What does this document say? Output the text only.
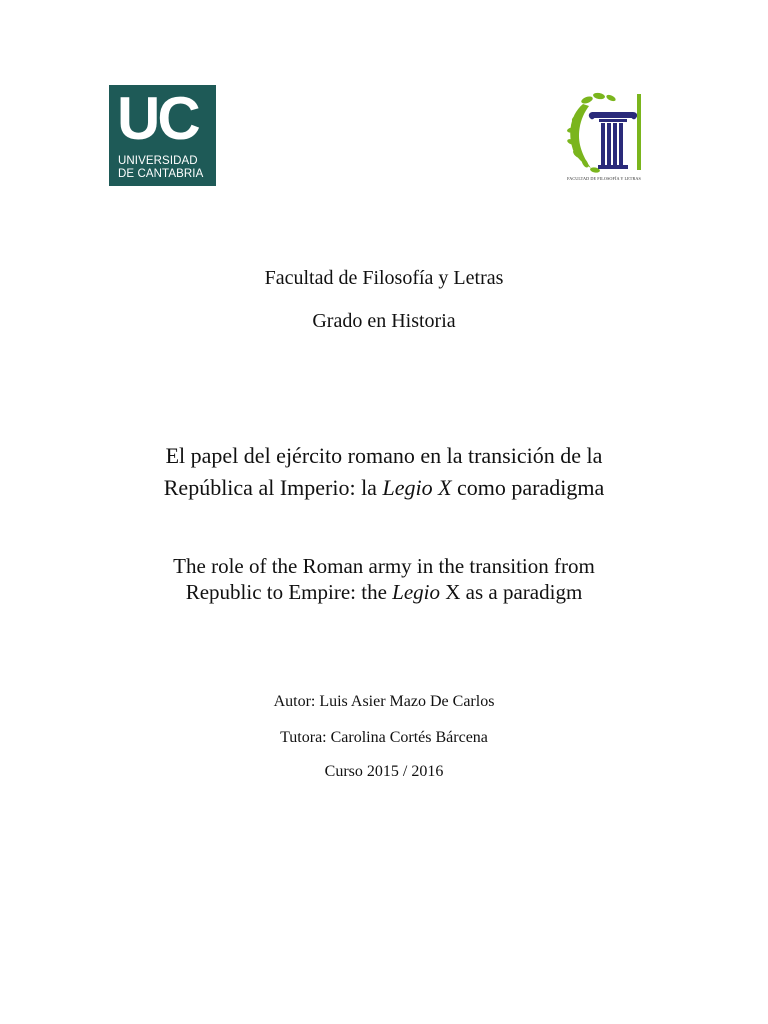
UC
UNIVERSIDAD
DE CANTABRIA	FACULTAD DE FILOSOFÍA Y LETRAS
Facultad de Filosofía y Letras
Grado en Historia
El papel del ejército romano en la transición de la
República al Imperio: la Legio X como paradigma
The role of the Roman army in the transition from
Republic to Empire: the Legio X as a paradigm
Autor: Luis Asier Mazo De Carlos
Tutora: Carolina Cortés Bárcena
Curso 2015 / 2016
